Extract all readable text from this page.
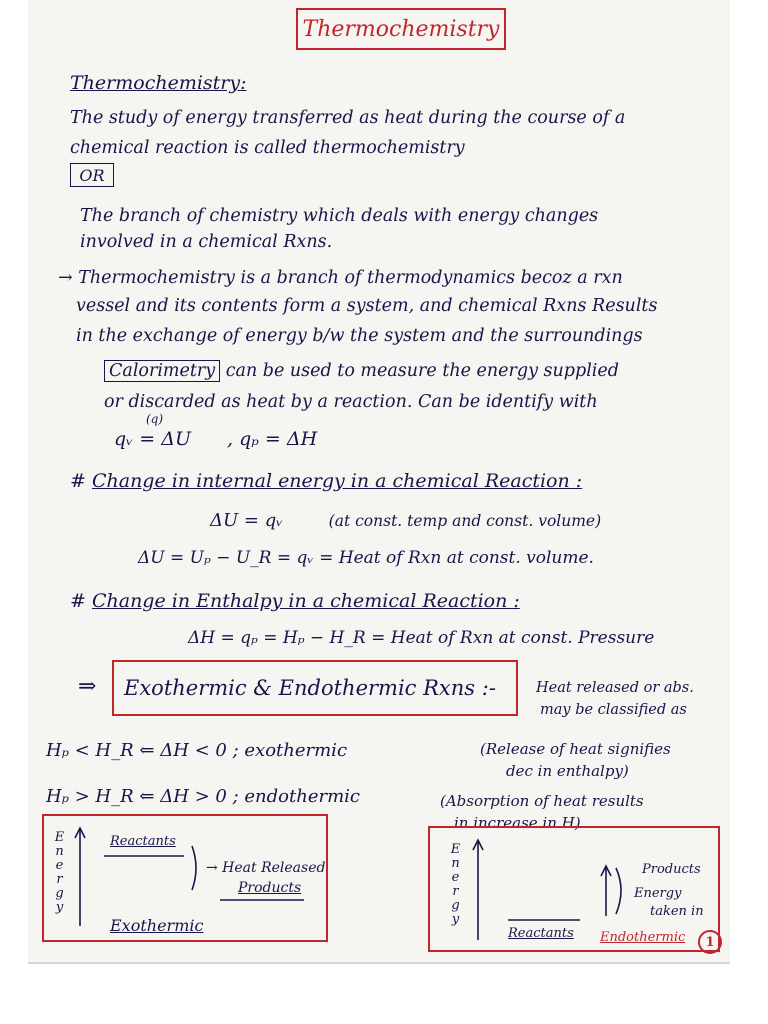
Thermochemistry
Thermochemistry:
The study of energy transferred as heat during the course of a
chemical reaction is called thermochemistry
OR
The branch of chemistry which deals with energy changes
involved in a chemical Rxns.
→ Thermochemistry is a branch of thermodynamics becoz a rxn
vessel and its contents form a system, and chemical Rxns Results
in the exchange of energy b/w the system and the surroundings
Calorimetry can be used to measure the energy supplied
or discarded as heat by a reaction. Can be identify with
(q)
qᵥ = ΔU , qₚ = ΔH
# Change in internal energy in a chemical Reaction :
ΔU = qᵥ	(at const. temp and const. volume)
ΔU = Uₚ − U_R = qᵥ = Heat of Rxn at const. volume.
# Change in Enthalpy in a chemical Reaction :
ΔH = qₚ = Hₚ − H_R = Heat of Rxn at const. Pressure
⇒	Exothermic & Endothermic Rxns :-	Heat released or abs.
may be classified as
Hₚ < H_R ⇐ ΔH < 0 ; exothermic	(Release of heat signifies
dec in enthalpy)
Hₚ > H_R ⇐ ΔH > 0 ; endothermic	(Absorption of heat results
in increase in H)
Energy	Reactants
→ Heat Released
Products
Exothermic	Energy	Products
Energy
taken in
Reactants Endothermic	1
